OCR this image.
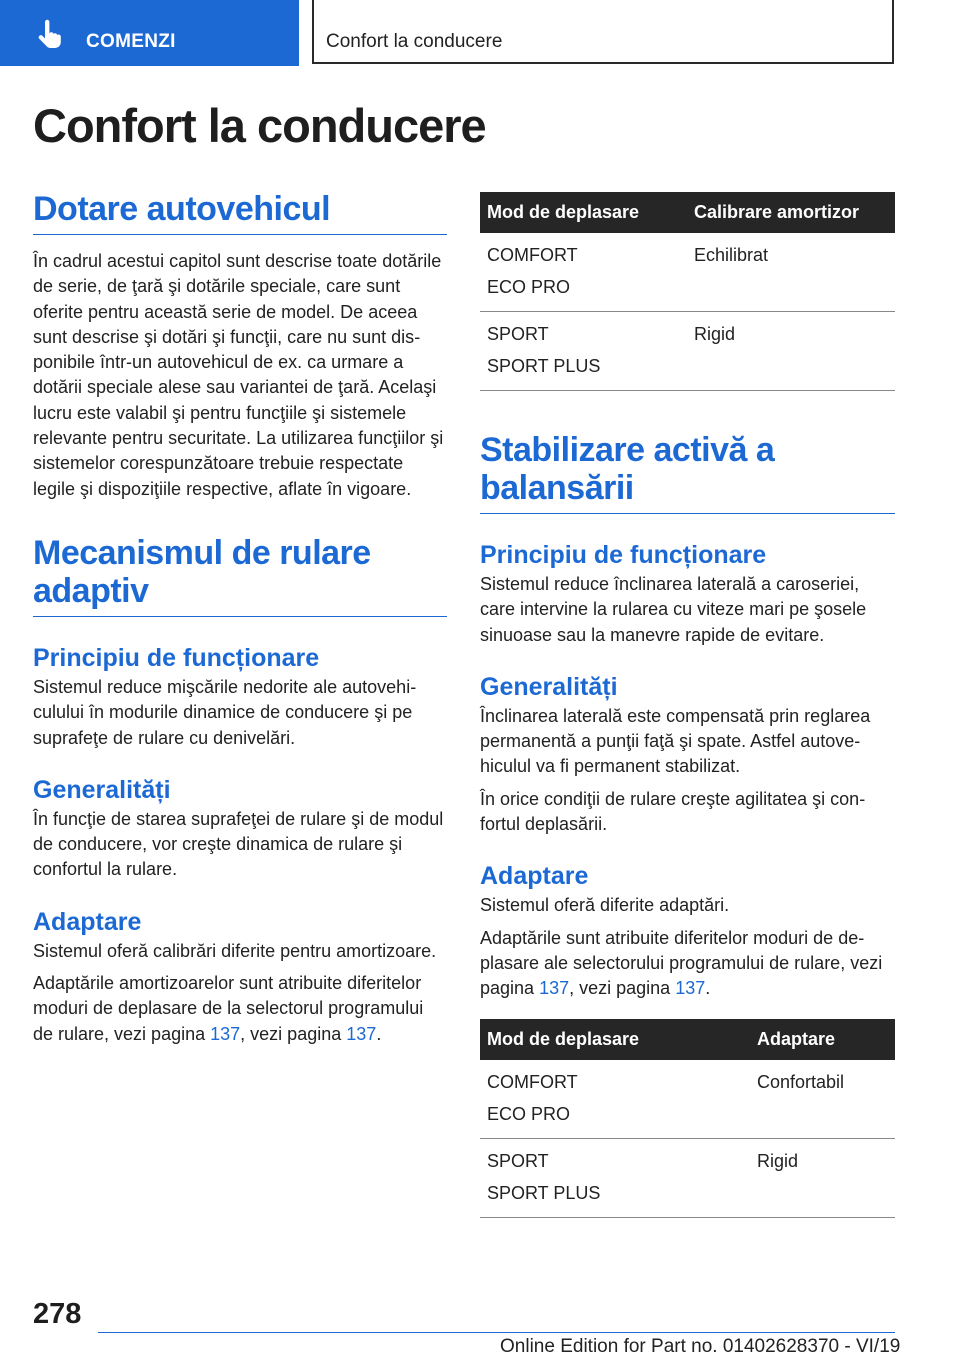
COMENZI	Confort la conducere
Confort la conducere
Dotare autovehicul

În cadrul acestui capitol sunt descrise toate dotările de serie, de ţară şi dotările speciale, care sunt oferite pentru această serie de model. De aceea sunt descrise şi dotări şi funcţii, care nu sunt disponibile într-un autovehicul de ex. ca urmare a dotării speciale alese sau variantei de ţară. Acelaşi lucru este valabil şi pentru funcţiile şi sistemele relevante pentru securitate. La utilizarea funcţiilor şi sistemelor corespunzătoare trebuie respectate legile şi dispoziţiile respective, aflate în vigoare.

Mecanismul de rulare adaptiv
Principiu de funcționare

Sistemul reduce mişcările nedorite ale autovehiculului în modurile dinamice de conducere şi pe suprafeţe de rulare cu denivelări.

Generalități

În funcţie de starea suprafeţei de rulare şi de modul de conducere, vor creşte dinamica de rulare şi confortul la rulare.

Adaptare

Sistemul oferă calibrări diferite pentru amortizoare.

Adaptările amortizoarelor sunt atribuite diferitelor moduri de deplasare de la selectorul programului de rulare, vezi pagina 137, vezi pagina 137.

Mod de deplasare	Calibrare amortizor

COMFORT
ECO PRO	Echilibrat

SPORT
SPORT PLUS	Rigid
Stabilizare activă a balansării
Principiu de funcționare

Sistemul reduce înclinarea laterală a caroseriei, care intervine la rularea cu viteze mari pe şosele sinuoase sau la manevre rapide de evitare.

Generalități

Înclinarea laterală este compensată prin reglarea permanentă a punţii faţă şi spate. Astfel autovehiculul va fi permanent stabilizat.

În orice condiţii de rulare creşte agilitatea şi confortul deplasării.

Adaptare

Sistemul oferă diferite adaptări.

Adaptările sunt atribuite diferitelor moduri de deplasare ale selectorului programului de rulare, vezi pagina 137, vezi pagina 137.

Mod de deplasare	Adaptare

COMFORT
ECO PRO	Confortabil

SPORT
SPORT PLUS	Rigid
278
Online Edition for Part no. 01402628370 - VI/19
